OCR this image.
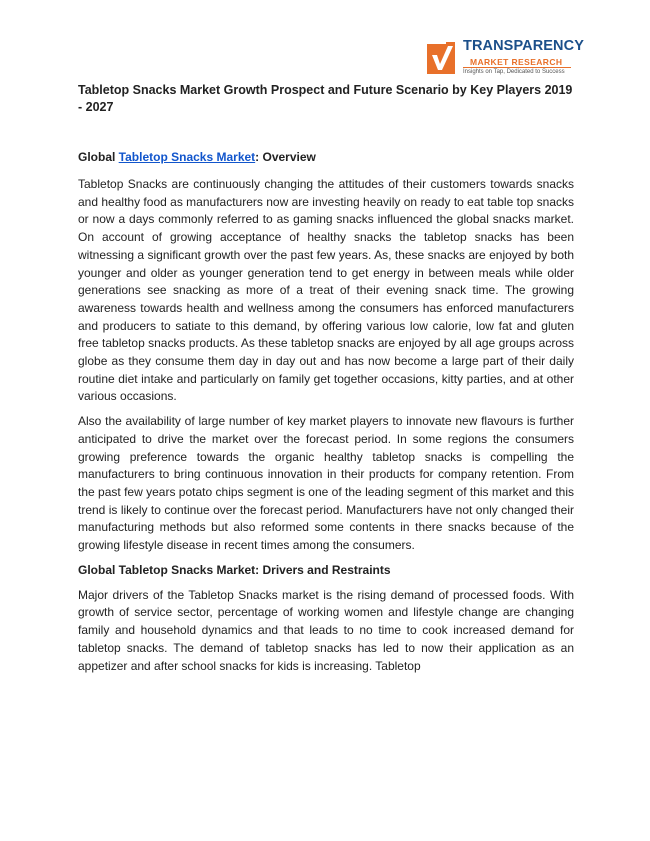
TRANSPARENCY
MARKET RESEARCH
Insights on Tap, Dedicated to Success
Tabletop Snacks Market Growth Prospect and Future Scenario by Key Players 2019 - 2027
Global Tabletop Snacks Market: Overview

Tabletop Snacks are continuously changing the attitudes of their customers towards snacks and healthy food as manufacturers now are investing heavily on ready to eat table top snacks or now a days commonly referred to as gaming snacks influenced the global snacks market. On account of growing acceptance of healthy snacks the tabletop snacks has been witnessing a significant growth over the past few years. As, these snacks are enjoyed by both younger and older as younger generation tend to get energy in between meals while older generations see snacking as more of a treat of their evening snack time. The growing awareness towards health and wellness among the consumers has enforced manufacturers and producers to satiate to this demand, by offering various low calorie, low fat and gluten free tabletop snacks products. As these tabletop snacks are enjoyed by all age groups across globe as they consume them day in day out and has now become a large part of their daily routine diet intake and particularly on family get together occasions, kitty parties, and at other various occasions.

Also the availability of large number of key market players to innovate new flavours is further anticipated to drive the market over the forecast period. In some regions the consumers growing preference towards the organic healthy tabletop snacks is compelling the manufacturers to bring continuous innovation in their products for company retention. From the past few years potato chips segment is one of the leading segment of this market and this trend is likely to continue over the forecast period. Manufacturers have not only changed their manufacturing methods but also reformed some contents in there snacks because of the growing lifestyle disease in recent times among the consumers.

Global Tabletop Snacks Market: Drivers and Restraints

Major drivers of the Tabletop Snacks market is the rising demand of processed foods. With growth of service sector, percentage of working women and lifestyle change are changing family and household dynamics and that leads to no time to cook increased demand for tabletop snacks. The demand of tabletop snacks has led to now their application as an appetizer and after school snacks for kids is increasing. Tabletop
